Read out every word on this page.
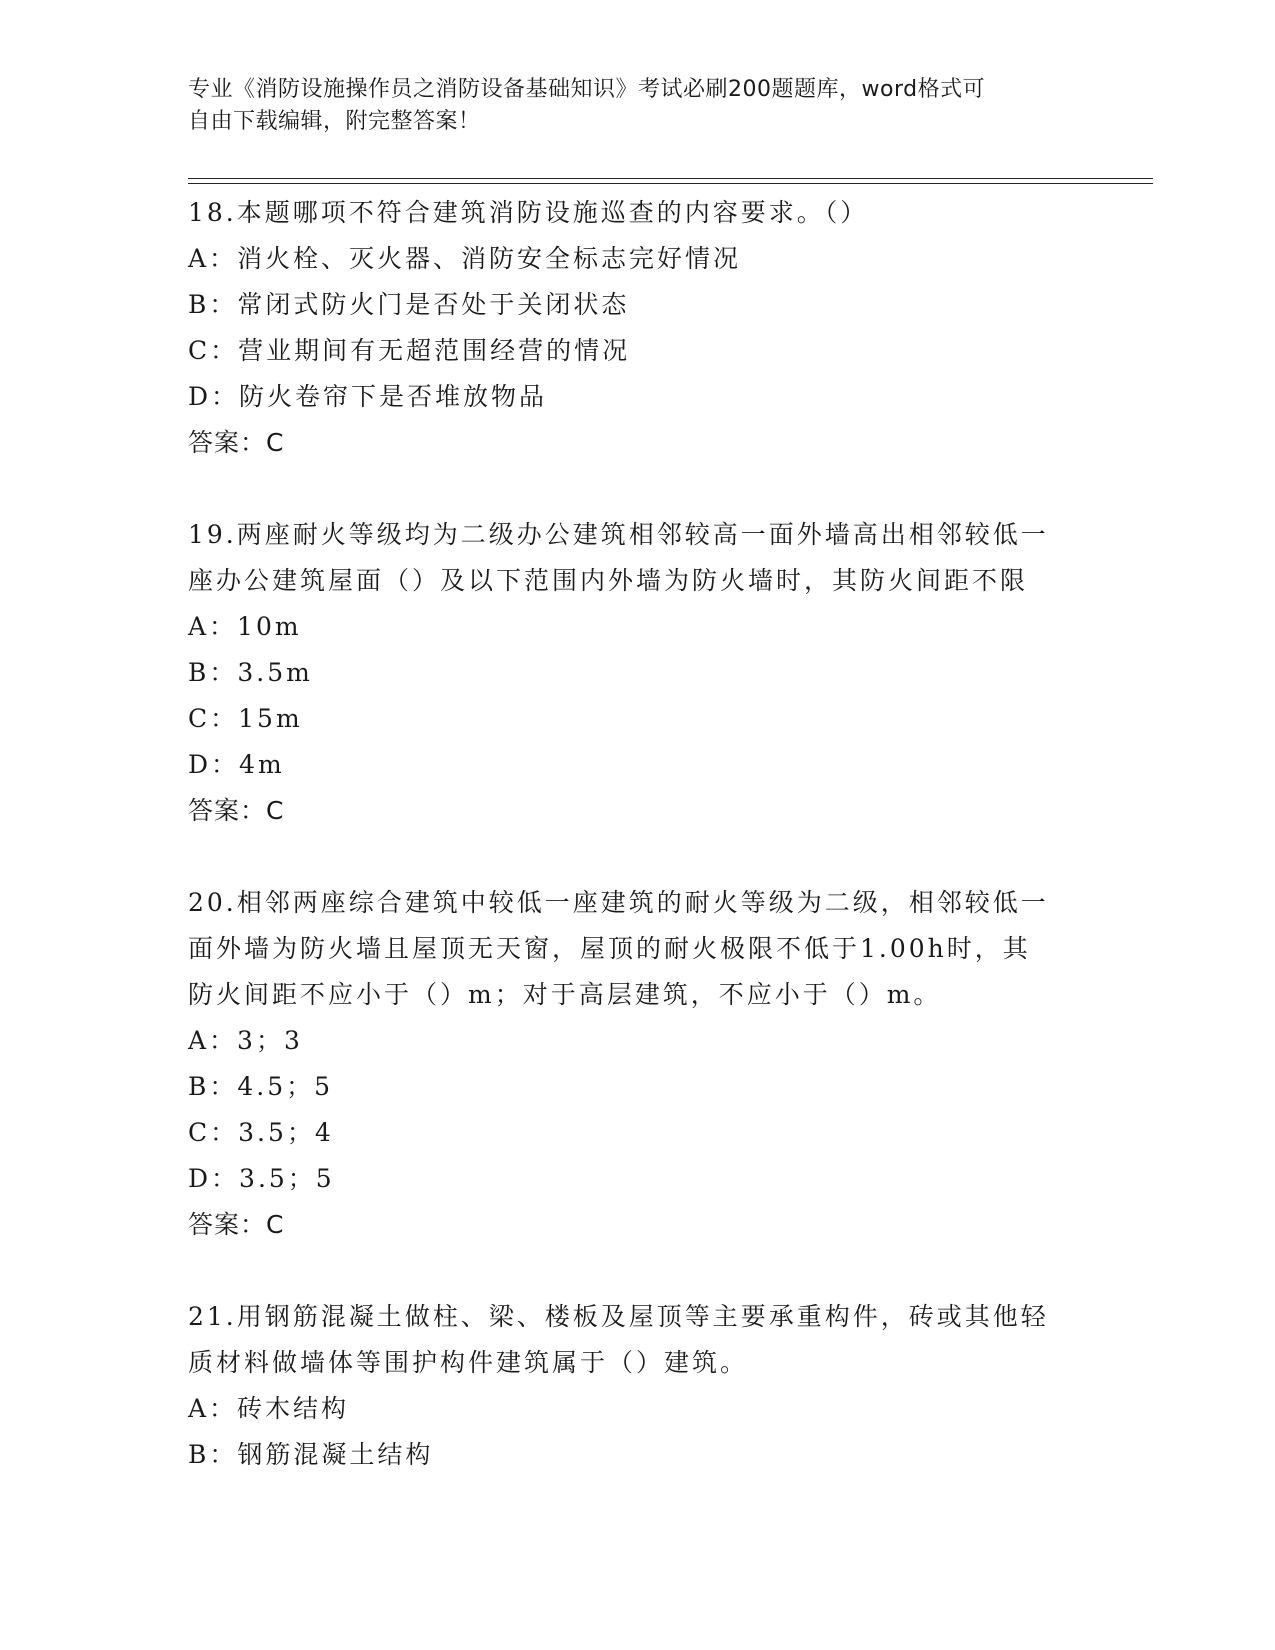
专业《消防设施操作员之消防设备基础知识》考试必刷200题题库，word格式可
自由下载编辑，附完整答案！
18.本题哪项不符合建筑消防设施巡查的内容要求。（）
A：消火栓、灭火器、消防安全标志完好情况
B：常闭式防火门是否处于关闭状态
C：营业期间有无超范围经营的情况
D：防火卷帘下是否堆放物品
答案：C
19.两座耐火等级均为二级办公建筑相邻较高一面外墙高出相邻较低一
座办公建筑屋面（）及以下范围内外墙为防火墙时，其防火间距不限
A：10m
B：3.5m
C：15m
D：4m
答案：C
20.相邻两座综合建筑中较低一座建筑的耐火等级为二级，相邻较低一
面外墙为防火墙且屋顶无天窗，屋顶的耐火极限不低于1.00h时，其
防火间距不应小于（）m；对于高层建筑，不应小于（）m。
A：3；3
B：4.5；5
C：3.5；4
D：3.5；5
答案：C
21.用钢筋混凝土做柱、梁、楼板及屋顶等主要承重构件，砖或其他轻
质材料做墙体等围护构件建筑属于（）建筑。
A：砖木结构
B：钢筋混凝土结构
